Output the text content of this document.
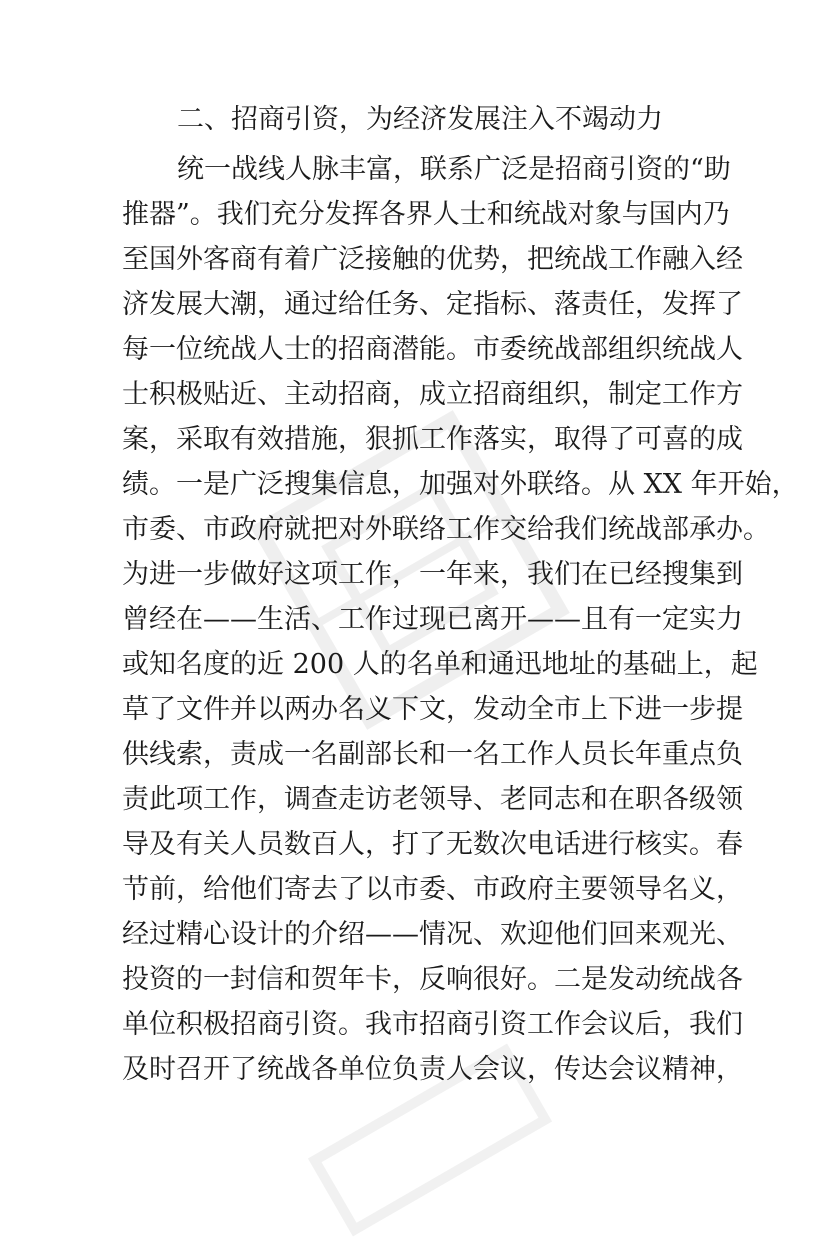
二、招商引资，为经济发展注入不竭动力
统一战线人脉丰富，联系广泛是招商引资的“助
推器”。我们充分发挥各界人士和统战对象与国内乃
至国外客商有着广泛接触的优势，把统战工作融入经
济发展大潮，通过给任务、定指标、落责任，发挥了
每一位统战人士的招商潜能。市委统战部组织统战人
士积极贴近、主动招商，成立招商组织，制定工作方
案，采取有效措施，狠抓工作落实，取得了可喜的成
绩。一是广泛搜集信息，加强对外联络。从 XX 年开始，
市委、市政府就把对外联络工作交给我们统战部承办。
为进一步做好这项工作，一年来，我们在已经搜集到
曾经在——生活、工作过现已离开——且有一定实力
或知名度的近 200 人的名单和通迅地址的基础上，起
草了文件并以两办名义下文，发动全市上下进一步提
供线索，责成一名副部长和一名工作人员长年重点负
责此项工作，调查走访老领导、老同志和在职各级领
导及有关人员数百人，打了无数次电话进行核实。春
节前，给他们寄去了以市委、市政府主要领导名义，
经过精心设计的介绍——情况、欢迎他们回来观光、
投资的一封信和贺年卡，反响很好。二是发动统战各
单位积极招商引资。我市招商引资工作会议后，我们
及时召开了统战各单位负责人会议，传达会议精神，
